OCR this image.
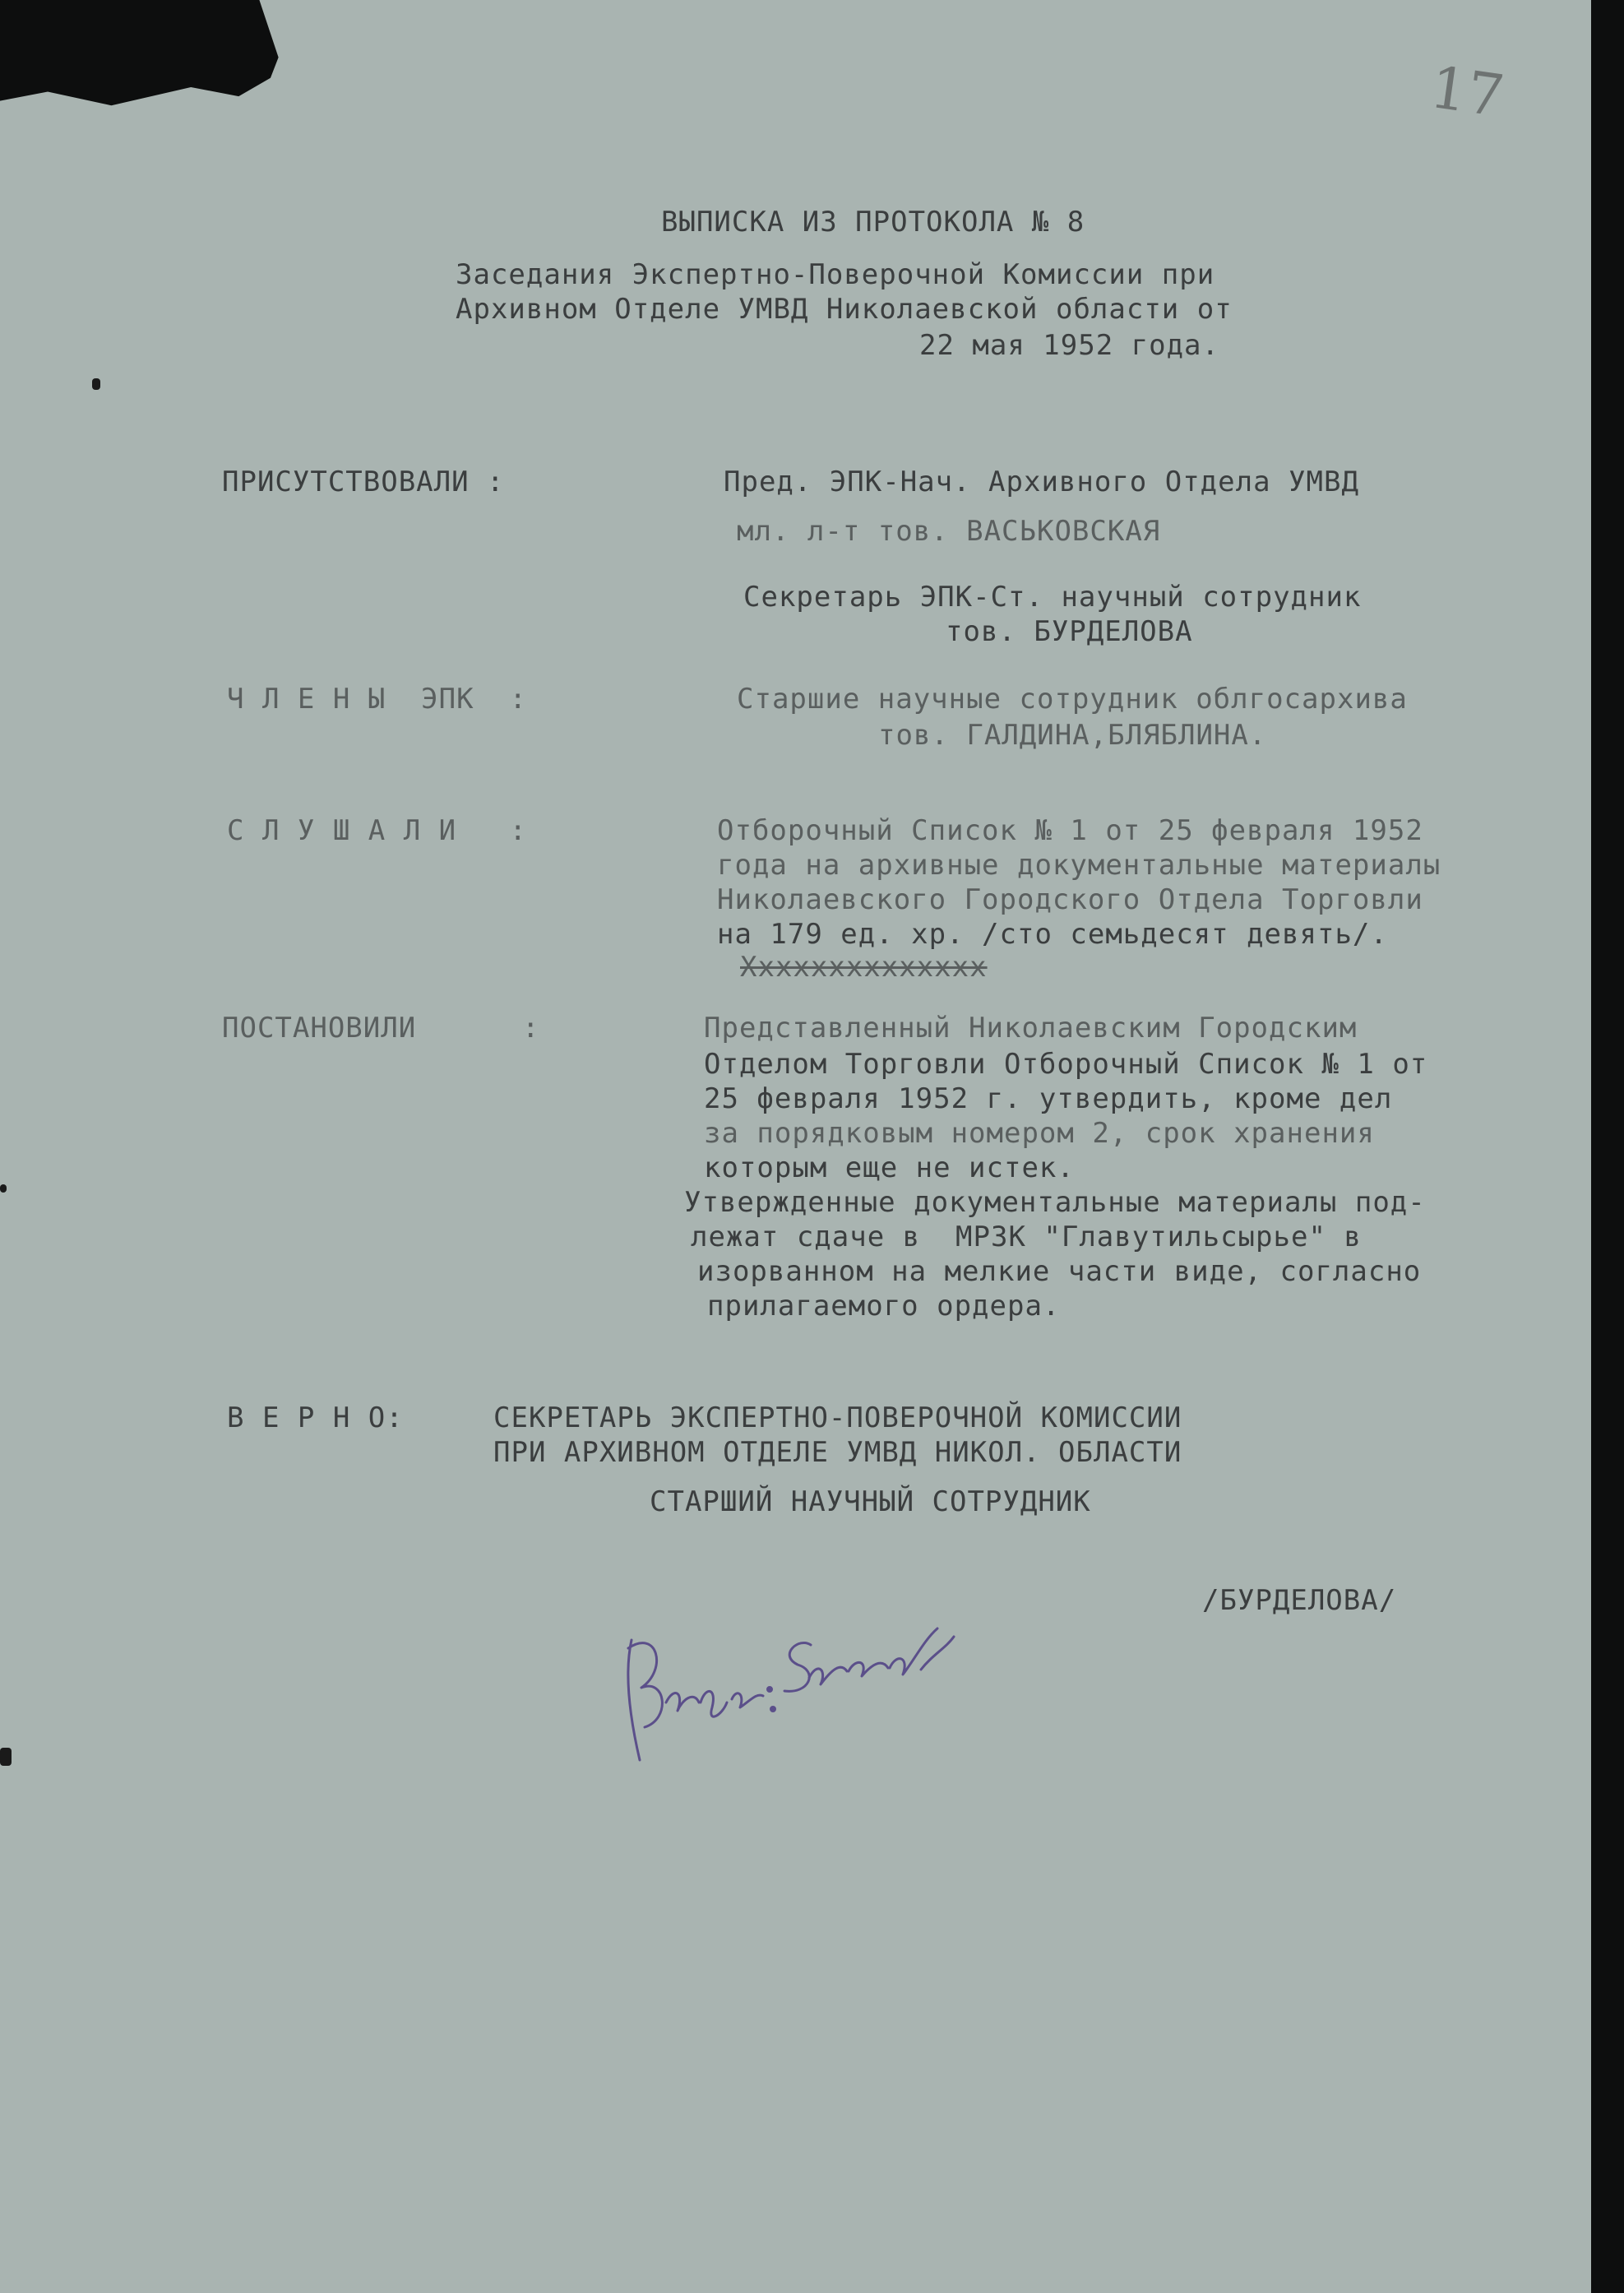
17
ВЫПИСКА ИЗ ПРОТОКОЛА № 8
Заседания Экспертно-Поверочной Комиссии при
Архивном Отделе УМВД Николаевской области от
22 мая 1952 года.
ПРИСУТСТВОВАЛИ :	Пред. ЭПК-Нач. Архивного Отдела УМВД
мл. л-т тов. ВАСЬКОВСКАЯ
Секретарь ЭПК-Ст. научный сотрудник
тов. БУРДЕЛОВА
Ч Л Е Н Ы  ЭПК  :	Старшие научные сотрудник облгосархива
тов. ГАЛДИНА,БЛЯБЛИНА.
С Л У Ш А Л И   :	Отборочный Список № 1 от 25 февраля 1952
года на архивные документальные материалы
Николаевского Городского Отдела Торговли
на 179 ед. хр. /сто семьдесят девять/.
Хххххххххххххх
ПОСТАНОВИЛИ      :	Представленный Николаевским Городским
Отделом Торговли Отборочный Список № 1 от
25 февраля 1952 г. утвердить, кроме дел
за порядковым номером 2, срок хранения
которым еще не истек.
Утвержденные документальные материалы под-
лежат сдаче в  МРЗК "Главутильсырье" в
изорванном на мелкие части виде, согласно
прилагаемого ордера.
В Е Р Н О:	СЕКРЕТАРЬ ЭКСПЕРТНО-ПОВЕРОЧНОЙ КОМИССИИ
ПРИ АРХИВНОМ ОТДЕЛЕ УМВД НИКОЛ. ОБЛАСТИ
СТАРШИЙ НАУЧНЫЙ СОТРУДНИК
/БУРДЕЛОВА/
